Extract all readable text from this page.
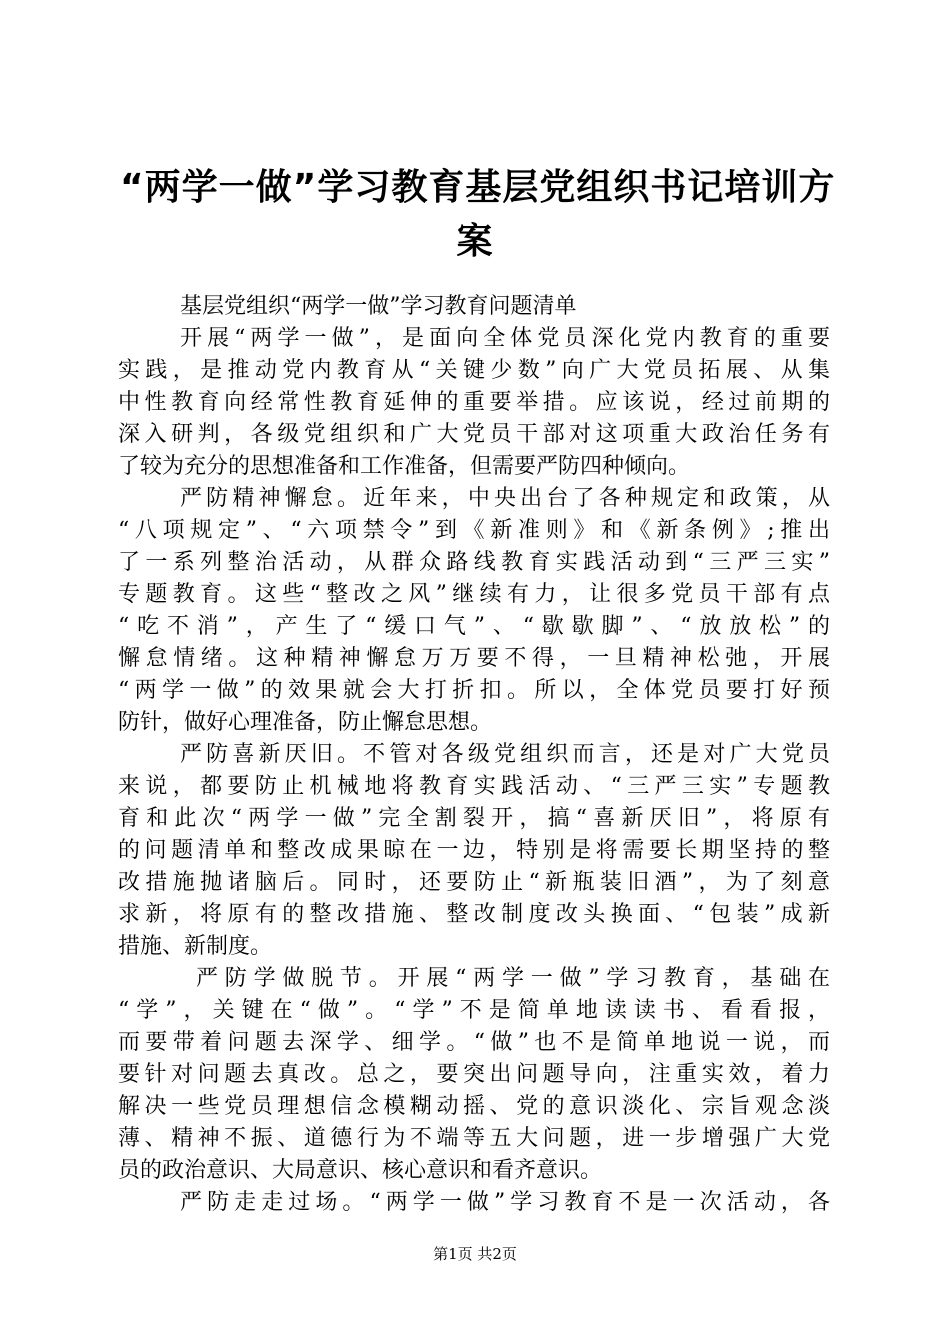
“两学一做”学习教育基层党组织书记培训方
案
基层党组织“两学一做”学习教育问题清单
开展“两学一做”，是面向全体党员深化党内教育的重要
实践，是推动党内教育从“关键少数”向广大党员拓展、从集
中性教育向经常性教育延伸的重要举措。应该说，经过前期的
深入研判，各级党组织和广大党员干部对这项重大政治任务有
了较为充分的思想准备和工作准备，但需要严防四种倾向。
严防精神懈怠。近年来，中央出台了各种规定和政策，从
“八项规定”、“六项禁令”到《新准则》和《新条例》;推出
了一系列整治活动，从群众路线教育实践活动到“三严三实”
专题教育。这些“整改之风”继续有力，让很多党员干部有点
“吃不消”，产生了“缓口气”、“歇歇脚”、“放放松”的
懈怠情绪。这种精神懈怠万万要不得，一旦精神松弛，开展
“两学一做”的效果就会大打折扣。所以，全体党员要打好预
防针，做好心理准备，防止懈怠思想。
严防喜新厌旧。不管对各级党组织而言，还是对广大党员
来说，都要防止机械地将教育实践活动、“三严三实”专题教
育和此次“两学一做”完全割裂开，搞“喜新厌旧”，将原有
的问题清单和整改成果晾在一边，特别是将需要长期坚持的整
改措施抛诸脑后。同时，还要防止“新瓶装旧酒”，为了刻意
求新，将原有的整改措施、整改制度改头换面、“包装”成新
措施、新制度。
严防学做脱节。开展“两学一做”学习教育，基础在
“学”，关键在“做”。“学”不是简单地读读书、看看报，
而要带着问题去深学、细学。“做”也不是简单地说一说，而
要针对问题去真改。总之，要突出问题导向，注重实效，着力
解决一些党员理想信念模糊动摇、党的意识淡化、宗旨观念淡
薄、精神不振、道德行为不端等五大问题，进一步增强广大党
员的政治意识、大局意识、核心意识和看齐意识。
严防走走过场。“两学一做”学习教育不是一次活动，各
第1页 共2页
